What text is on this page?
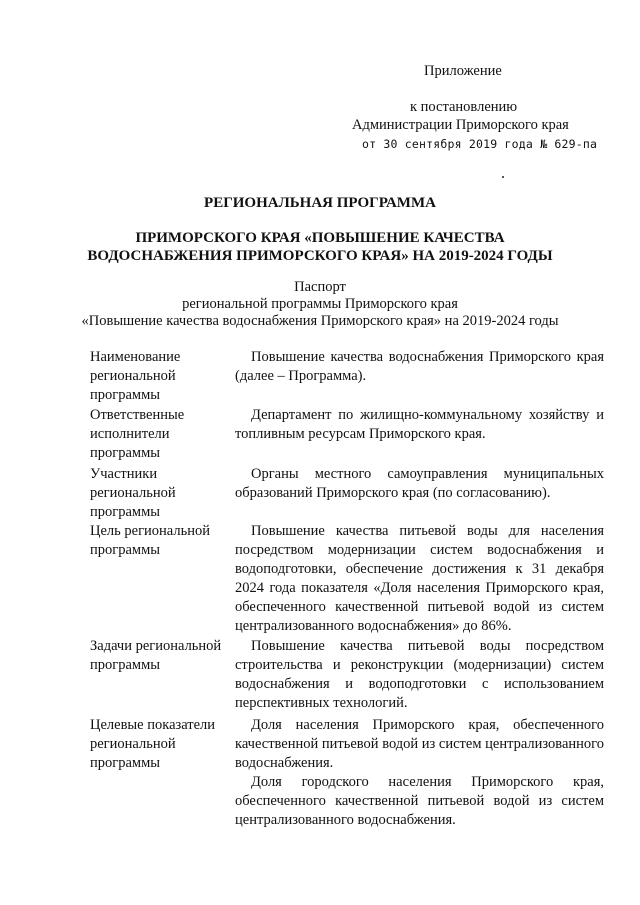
Приложение
к постановлению
Администрации Приморского края
от 30 сентября 2019 года № 629-па
РЕГИОНАЛЬНАЯ ПРОГРАММА
ПРИМОРСКОГО КРАЯ «ПОВЫШЕНИЕ КАЧЕСТВА
ВОДОСНАБЖЕНИЯ ПРИМОРСКОГО КРАЯ» НА 2019-2024 ГОДЫ
Паспорт
региональной программы Приморского края
«Повышение качества водоснабжения Приморского края» на 2019-2024 годы
Наименование региональной программы

Повышение качества водоснабжения Приморского края (далее – Программа).

Ответственные исполнители программы

Департамент по жилищно-коммунальному хозяйству и топливным ресурсам Приморского края.

Участники региональной программы

Органы местного самоуправления муниципальных образований Приморского края (по согласованию).

Цель региональной программы

Повышение качества питьевой воды для населения посредством модернизации систем водоснабжения и водоподготовки, обеспечение достижения к 31 декабря 2024 года показателя «Доля населения Приморского края, обеспеченного качественной питьевой водой из систем централизованного водоснабжения» до 86%.

Задачи региональной программы

Повышение качества питьевой воды посредством строительства и реконструкции (модернизации) систем водоснабжения и водоподготовки с использованием перспективных технологий.

Целевые показатели региональной программы

Доля населения Приморского края, обеспеченного качественной питьевой водой из систем централизованного водоснабжения.

Доля городского населения Приморского края, обеспеченного качественной питьевой водой из систем централизованного водоснабжения.
